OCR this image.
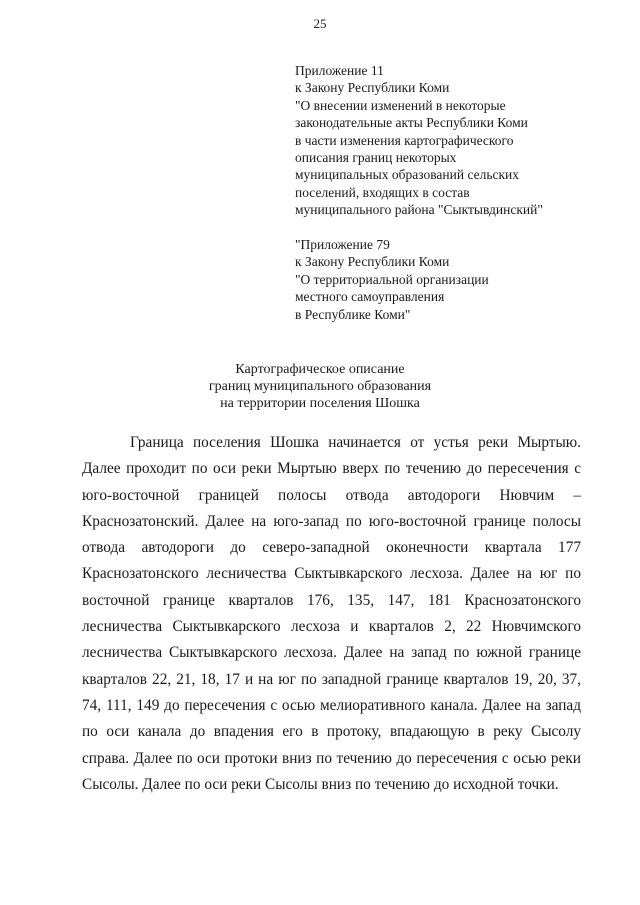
25
Приложение 11
к Закону Республики Коми
"О внесении изменений в некоторые
законодательные акты Республики Коми
в части изменения картографического
описания границ некоторых
муниципальных образований сельских
поселений, входящих в состав
муниципального района "Сыктывдинский"
"Приложение 79
к Закону Республики Коми
"О территориальной организации
местного самоуправления
в Республике Коми"
Картографическое описание
границ муниципального образования
на территории поселения Шошка
Граница поселения Шошка начинается от устья реки Мыртыю.
Далее проходит по оси реки Мыртыю вверх по течению до пересечения с
юго-восточной границей полосы отвода автодороги Нювчим –
Краснозатонский. Далее на юго-запад по юго-восточной границе полосы
отвода автодороги до северо-западной оконечности квартала 177
Краснозатонского лесничества Сыктывкарского лесхоза. Далее на юг по
восточной границе кварталов 176, 135, 147, 181 Краснозатонского
лесничества Сыктывкарского лесхоза и кварталов 2, 22 Нювчимского
лесничества Сыктывкарского лесхоза. Далее на запад по южной границе
кварталов 22, 21, 18, 17 и на юг по западной границе кварталов 19, 20, 37,
74, 111, 149 до пересечения с осью мелиоративного канала. Далее на запад
по оси канала до впадения его в протоку, впадающую в реку Сысолу
справа. Далее по оси протоки вниз по течению до пересечения с осью реки
Сысолы. Далее по оси реки Сысолы вниз по течению до исходной точки.
